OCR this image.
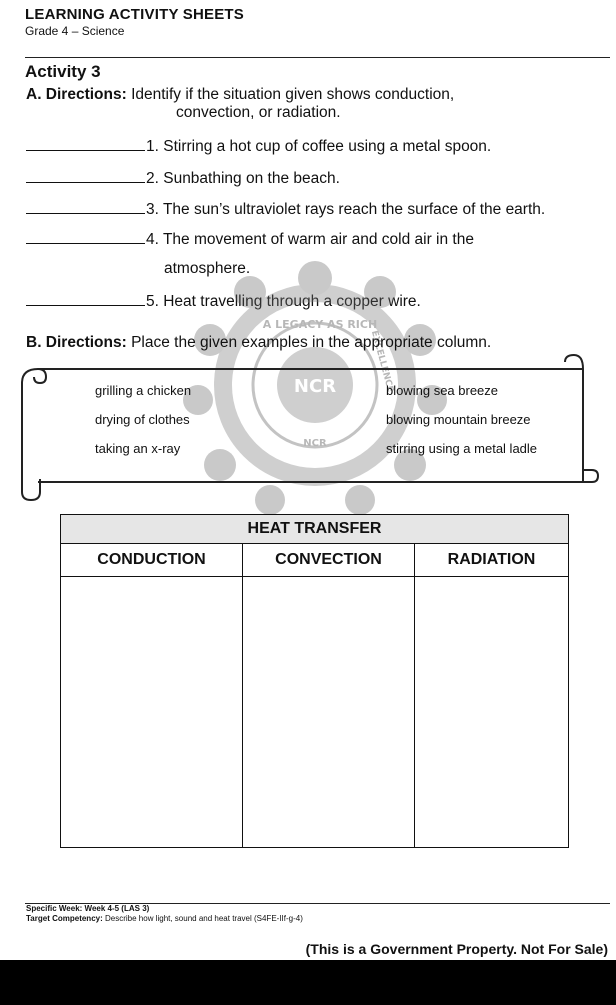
LEARNING ACTIVITY SHEETS
Grade 4 – Science
Activity 3
A. Directions: Identify if the situation given shows conduction,
convection, or radiation.
1. Stirring a hot cup of coffee using a metal spoon.
2. Sunbathing on the beach.
3. The sun’s ultraviolet rays reach the surface of the earth.
4. The movement of warm air and cold air in the
atmosphere.
5. Heat travelling through a copper wire.
NCR
A LEGACY AS RICH
NCR
EXCELLENCE
B. Directions: Place the given examples in the appropriate column.
grilling a chicken
drying of clothes
taking an x-ray
blowing sea breeze
blowing mountain breeze
stirring using a metal ladle
HEAT TRANSFER		
CONDUCTION	CONVECTION	RADIATION

Specific Week: Week 4-5 (LAS 3)
Target Competency: Describe how light, sound and heat travel (S4FE-IIf-g-4)
(This is a Government Property. Not For Sale)
